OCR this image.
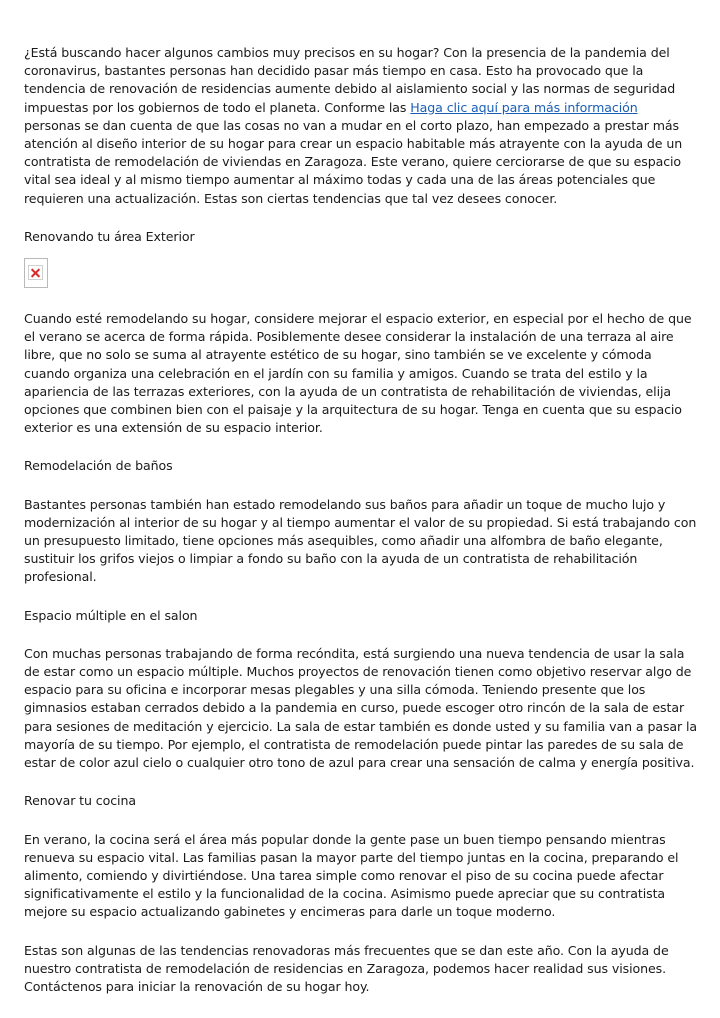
¿Está buscando hacer algunos cambios muy precisos en su hogar? Con la presencia de la pandemia del coronavirus, bastantes personas han decidido pasar más tiempo en casa. Esto ha provocado que la tendencia de renovación de residencias aumente debido al aislamiento social y las normas de seguridad impuestas por los gobiernos de todo el planeta. Conforme las Haga clic aquí para más información personas se dan cuenta de que las cosas no van a mudar en el corto plazo, han empezado a prestar más atención al diseño interior de su hogar para crear un espacio habitable más atrayente con la ayuda de un contratista de remodelación de viviendas en Zaragoza. Este verano, quiere cerciorarse de que su espacio vital sea ideal y al mismo tiempo aumentar al máximo todas y cada una de las áreas potenciales que requieren una actualización. Estas son ciertas tendencias que tal vez desees conocer.

Renovando tu área Exterior

Cuando esté remodelando su hogar, considere mejorar el espacio exterior, en especial por el hecho de que el verano se acerca de forma rápida. Posiblemente desee considerar la instalación de una terraza al aire libre, que no solo se suma al atrayente estético de su hogar, sino también se ve excelente y cómoda cuando organiza una celebración en el jardín con su familia y amigos. Cuando se trata del estilo y la apariencia de las terrazas exteriores, con la ayuda de un contratista de rehabilitación de viviendas, elija opciones que combinen bien con el paisaje y la arquitectura de su hogar. Tenga en cuenta que su espacio exterior es una extensión de su espacio interior.

Remodelación de baños

Bastantes personas también han estado remodelando sus baños para añadir un toque de mucho lujo y modernización al interior de su hogar y al tiempo aumentar el valor de su propiedad. Si está trabajando con un presupuesto limitado, tiene opciones más asequibles, como añadir una alfombra de baño elegante, sustituir los grifos viejos o limpiar a fondo su baño con la ayuda de un contratista de rehabilitación profesional.

Espacio múltiple en el salon

Con muchas personas trabajando de forma recóndita, está surgiendo una nueva tendencia de usar la sala de estar como un espacio múltiple. Muchos proyectos de renovación tienen como objetivo reservar algo de espacio para su oficina e incorporar mesas plegables y una silla cómoda. Teniendo presente que los gimnasios estaban cerrados debido a la pandemia en curso, puede escoger otro rincón de la sala de estar para sesiones de meditación y ejercicio. La sala de estar también es donde usted y su familia van a pasar la mayoría de su tiempo. Por ejemplo, el contratista de remodelación puede pintar las paredes de su sala de estar de color azul cielo o cualquier otro tono de azul para crear una sensación de calma y energía positiva.

Renovar tu cocina

En verano, la cocina será el área más popular donde la gente pase un buen tiempo pensando mientras renueva su espacio vital. Las familias pasan la mayor parte del tiempo juntas en la cocina, preparando el alimento, comiendo y divirtiéndose. Una tarea simple como renovar el piso de su cocina puede afectar significativamente el estilo y la funcionalidad de la cocina. Asimismo puede apreciar que su contratista mejore su espacio actualizando gabinetes y encimeras para darle un toque moderno.

Estas son algunas de las tendencias renovadoras más frecuentes que se dan este año. Con la ayuda de nuestro contratista de remodelación de residencias en Zaragoza, podemos hacer realidad sus visiones. Contáctenos para iniciar la renovación de su hogar hoy.
